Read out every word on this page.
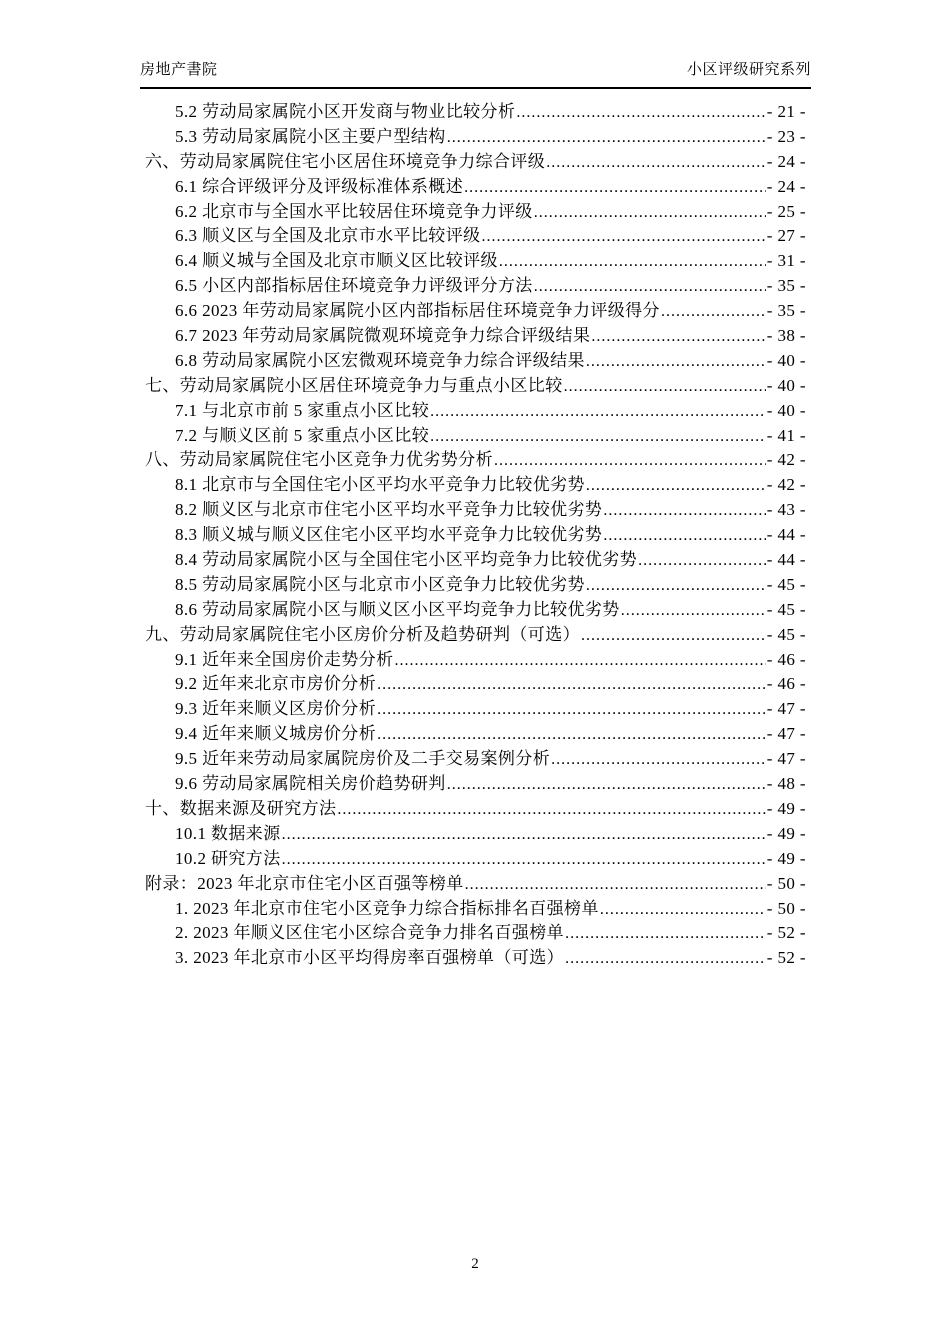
房地产書院	小区评级研究系列
5.2 劳动局家属院小区开发商与物业比较分析 .....	- 21 -
5.3 劳动局家属院小区主要户型结构 .....	- 23 -
六、劳动局家属院住宅小区居住环境竞争力综合评级 .....	- 24 -
6.1 综合评级评分及评级标准体系概述 .....	- 24 -
6.2 北京市与全国水平比较居住环境竞争力评级 .....	- 25 -
6.3 顺义区与全国及北京市水平比较评级 .....	- 27 -
6.4 顺义城与全国及北京市顺义区比较评级 .....	- 31 -
6.5 小区内部指标居住环境竞争力评级评分方法 .....	- 35 -
6.6 2023 年劳动局家属院小区内部指标居住环境竞争力评级得分 .....	- 35 -
6.7 2023 年劳动局家属院微观环境竞争力综合评级结果 .....	- 38 -
6.8 劳动局家属院小区宏微观环境竞争力综合评级结果 .....	- 40 -
七、劳动局家属院小区居住环境竞争力与重点小区比较 .....	- 40 -
7.1 与北京市前 5 家重点小区比较 .....	- 40 -
7.2 与顺义区前 5 家重点小区比较 .....	- 41 -
八、劳动局家属院住宅小区竞争力优劣势分析 .....	- 42 -
8.1 北京市与全国住宅小区平均水平竞争力比较优劣势 .....	- 42 -
8.2 顺义区与北京市住宅小区平均水平竞争力比较优劣势 .....	- 43 -
8.3 顺义城与顺义区住宅小区平均水平竞争力比较优劣势 .....	- 44 -
8.4 劳动局家属院小区与全国住宅小区平均竞争力比较优劣势 .....	- 44 -
8.5 劳动局家属院小区与北京市小区竞争力比较优劣势 .....	- 45 -
8.6 劳动局家属院小区与顺义区小区平均竞争力比较优劣势 .....	- 45 -
九、劳动局家属院住宅小区房价分析及趋势研判（可选） .....	- 45 -
9.1 近年来全国房价走势分析 .....	- 46 -
9.2 近年来北京市房价分析 .....	- 46 -
9.3 近年来顺义区房价分析 .....	- 47 -
9.4 近年来顺义城房价分析 .....	- 47 -
9.5 近年来劳动局家属院房价及二手交易案例分析 .....	- 47 -
9.6 劳动局家属院相关房价趋势研判 .....	- 48 -
十、数据来源及研究方法 .....	- 49 -
10.1 数据来源 .....	- 49 -
10.2 研究方法 .....	- 49 -
附录：2023 年北京市住宅小区百强等榜单 .....	- 50 -
1. 2023 年北京市住宅小区竞争力综合指标排名百强榜单 .....	- 50 -
2. 2023 年顺义区住宅小区综合竞争力排名百强榜单 .....	- 52 -
3. 2023 年北京市小区平均得房率百强榜单（可选） .....	- 52 -
2
